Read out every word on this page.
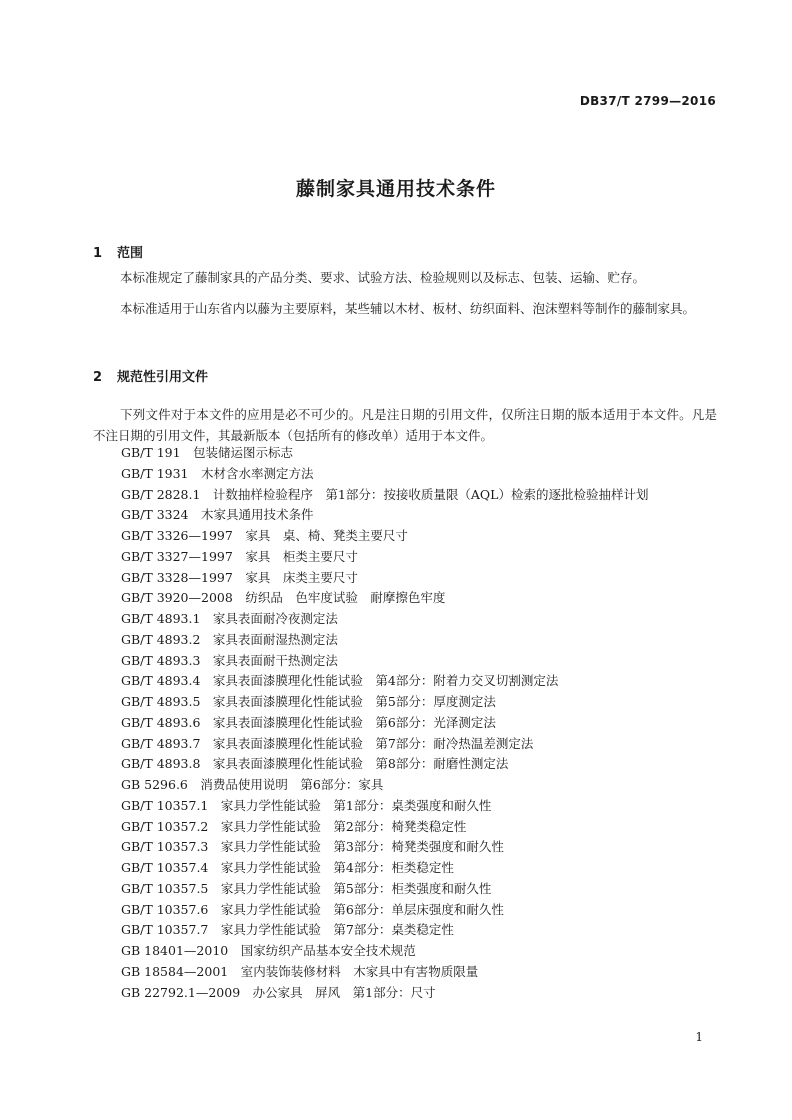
DB37/T 2799—2016
藤制家具通用技术条件
1 范围
本标准规定了藤制家具的产品分类、要求、试验方法、检验规则以及标志、包装、运输、贮存。
本标准适用于山东省内以藤为主要原料，某些辅以木材、板材、纺织面料、泡沫塑料等制作的藤制家具。
2 规范性引用文件
下列文件对于本文件的应用是必不可少的。凡是注日期的引用文件，仅所注日期的版本适用于本文件。凡是不注日期的引用文件，其最新版本（包括所有的修改单）适用于本文件。
GB/T 191　包装储运图示标志
GB/T 1931　木材含水率测定方法
GB/T 2828.1　计数抽样检验程序　第1部分：按接收质量限（AQL）检索的逐批检验抽样计划
GB/T 3324　木家具通用技术条件
GB/T 3326—1997　家具　桌、椅、凳类主要尺寸
GB/T 3327—1997　家具　柜类主要尺寸
GB/T 3328—1997　家具　床类主要尺寸
GB/T 3920—2008　纺织品　色牢度试验　耐摩擦色牢度
GB/T 4893.1　家具表面耐冷夜测定法
GB/T 4893.2　家具表面耐湿热测定法
GB/T 4893.3　家具表面耐干热测定法
GB/T 4893.4　家具表面漆膜理化性能试验　第4部分：附着力交叉切割测定法
GB/T 4893.5　家具表面漆膜理化性能试验　第5部分：厚度测定法
GB/T 4893.6　家具表面漆膜理化性能试验　第6部分：光泽测定法
GB/T 4893.7　家具表面漆膜理化性能试验　第7部分：耐冷热温差测定法
GB/T 4893.8　家具表面漆膜理化性能试验　第8部分：耐磨性测定法
GB 5296.6　消费品使用说明　第6部分：家具
GB/T 10357.1　家具力学性能试验　第1部分：桌类强度和耐久性
GB/T 10357.2　家具力学性能试验　第2部分：椅凳类稳定性
GB/T 10357.3　家具力学性能试验　第3部分：椅凳类强度和耐久性
GB/T 10357.4　家具力学性能试验　第4部分：柜类稳定性
GB/T 10357.5　家具力学性能试验　第5部分：柜类强度和耐久性
GB/T 10357.6　家具力学性能试验　第6部分：单层床强度和耐久性
GB/T 10357.7　家具力学性能试验　第7部分：桌类稳定性
GB 18401—2010　国家纺织产品基本安全技术规范
GB 18584—2001　室内装饰装修材料　木家具中有害物质限量
GB 22792.1—2009　办公家具　屏风　第1部分：尺寸
1
